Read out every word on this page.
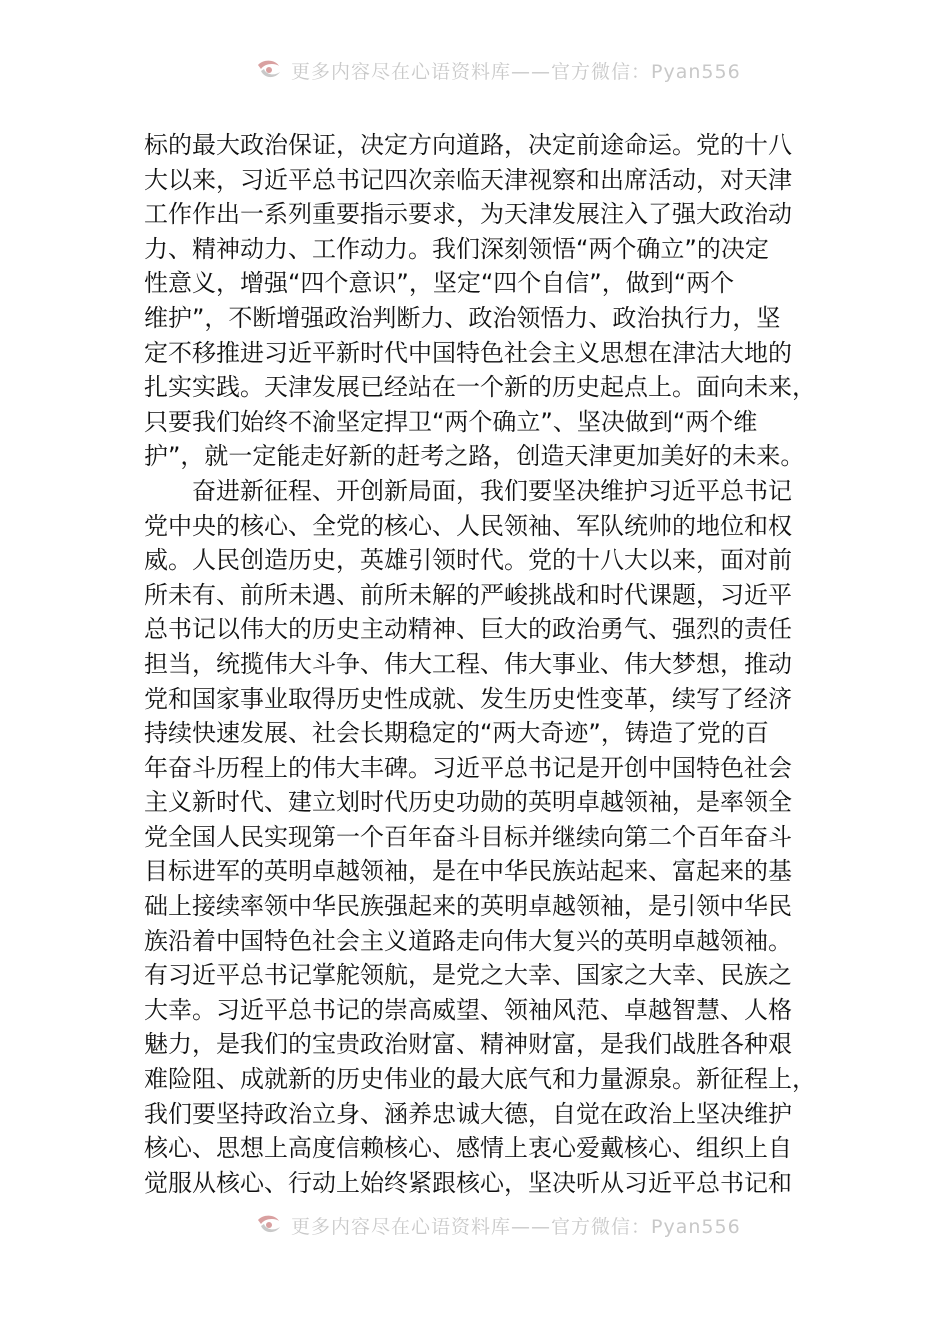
更多内容尽在心语资料库——官方微信：Pyan556
标的最大政治保证，决定方向道路，决定前途命运。党的十八
大以来，习近平总书记四次亲临天津视察和出席活动，对天津
工作作出一系列重要指示要求，为天津发展注入了强大政治动
力、精神动力、工作动力。我们深刻领悟“两个确立”的决定
性意义，增强“四个意识”，坚定“四个自信”，做到“两个
维护”，不断增强政治判断力、政治领悟力、政治执行力，坚
定不移推进习近平新时代中国特色社会主义思想在津沽大地的
扎实实践。天津发展已经站在一个新的历史起点上。面向未来，
只要我们始终不渝坚定捍卫“两个确立”、坚决做到“两个维
护”，就一定能走好新的赶考之路，创造天津更加美好的未来。
奋进新征程、开创新局面，我们要坚决维护习近平总书记
党中央的核心、全党的核心、人民领袖、军队统帅的地位和权
威。人民创造历史，英雄引领时代。党的十八大以来，面对前
所未有、前所未遇、前所未解的严峻挑战和时代课题，习近平
总书记以伟大的历史主动精神、巨大的政治勇气、强烈的责任
担当，统揽伟大斗争、伟大工程、伟大事业、伟大梦想，推动
党和国家事业取得历史性成就、发生历史性变革，续写了经济
持续快速发展、社会长期稳定的“两大奇迹”，铸造了党的百
年奋斗历程上的伟大丰碑。习近平总书记是开创中国特色社会
主义新时代、建立划时代历史功勋的英明卓越领袖，是率领全
党全国人民实现第一个百年奋斗目标并继续向第二个百年奋斗
目标进军的英明卓越领袖，是在中华民族站起来、富起来的基
础上接续率领中华民族强起来的英明卓越领袖，是引领中华民
族沿着中国特色社会主义道路走向伟大复兴的英明卓越领袖。
有习近平总书记掌舵领航，是党之大幸、国家之大幸、民族之
大幸。习近平总书记的崇高威望、领袖风范、卓越智慧、人格
魅力，是我们的宝贵政治财富、精神财富，是我们战胜各种艰
难险阻、成就新的历史伟业的最大底气和力量源泉。新征程上，
我们要坚持政治立身、涵养忠诚大德，自觉在政治上坚决维护
核心、思想上高度信赖核心、感情上衷心爱戴核心、组织上自
觉服从核心、行动上始终紧跟核心，坚决听从习近平总书记和
更多内容尽在心语资料库——官方微信：Pyan556
